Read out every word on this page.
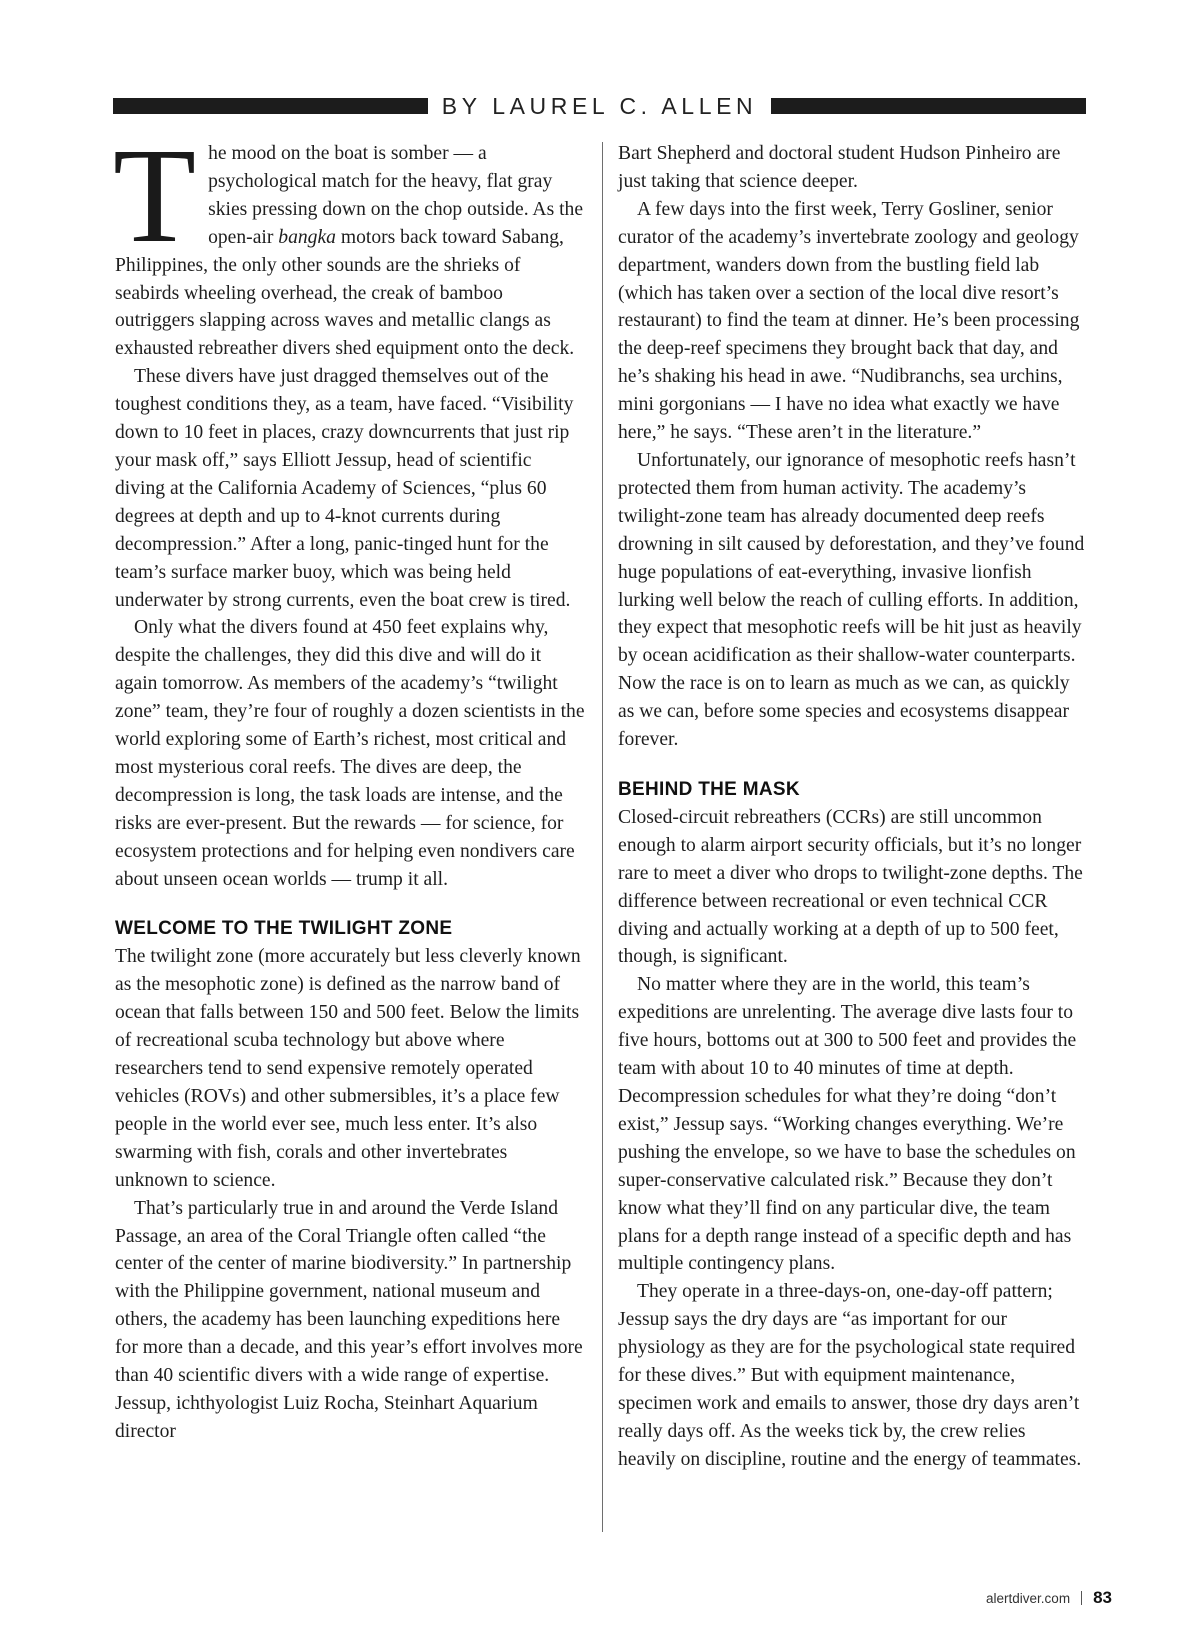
BY LAUREL C. ALLEN

The mood on the boat is somber — a psychological match for the heavy, flat gray skies pressing down on the chop outside. As the open-air bangka motors back toward Sabang, Philippines, the only other sounds are the shrieks of seabirds wheeling overhead, the creak of bamboo outriggers slapping across waves and metallic clangs as exhausted rebreather divers shed equipment onto the deck.

These divers have just dragged themselves out of the toughest conditions they, as a team, have faced. “Visibility down to 10 feet in places, crazy downcurrents that just rip your mask off,” says Elliott Jessup, head of scientific diving at the California Academy of Sciences, “plus 60 degrees at depth and up to 4-knot currents during decompression.” After a long, panic-tinged hunt for the team’s surface marker buoy, which was being held underwater by strong currents, even the boat crew is tired.

Only what the divers found at 450 feet explains why, despite the challenges, they did this dive and will do it again tomorrow. As members of the academy’s “twilight zone” team, they’re four of roughly a dozen scientists in the world exploring some of Earth’s richest, most critical and most mysterious coral reefs. The dives are deep, the decompression is long, the task loads are intense, and the risks are ever-present. But the rewards — for science, for ecosystem protections and for helping even nondivers care about unseen ocean worlds — trump it all.

WELCOME TO THE TWILIGHT ZONE

The twilight zone (more accurately but less cleverly known as the mesophotic zone) is defined as the narrow band of ocean that falls between 150 and 500 feet. Below the limits of recreational scuba technology but above where researchers tend to send expensive remotely operated vehicles (ROVs) and other submersibles, it’s a place few people in the world ever see, much less enter. It’s also swarming with fish, corals and other invertebrates unknown to science.

That’s particularly true in and around the Verde Island Passage, an area of the Coral Triangle often called “the center of the center of marine biodiversity.” In partnership with the Philippine government, national museum and others, the academy has been launching expeditions here for more than a decade, and this year’s effort involves more than 40 scientific divers with a wide range of expertise. Jessup, ichthyologist Luiz Rocha, Steinhart Aquarium director

Bart Shepherd and doctoral student Hudson Pinheiro are just taking that science deeper.

A few days into the first week, Terry Gosliner, senior curator of the academy’s invertebrate zoology and geology department, wanders down from the bustling field lab (which has taken over a section of the local dive resort’s restaurant) to find the team at dinner. He’s been processing the deep-reef specimens they brought back that day, and he’s shaking his head in awe. “Nudibranchs, sea urchins, mini gorgonians — I have no idea what exactly we have here,” he says. “These aren’t in the literature.”

Unfortunately, our ignorance of mesophotic reefs hasn’t protected them from human activity. The academy’s twilight-zone team has already documented deep reefs drowning in silt caused by deforestation, and they’ve found huge populations of eat-everything, invasive lionfish lurking well below the reach of culling efforts. In addition, they expect that mesophotic reefs will be hit just as heavily by ocean acidification as their shallow-water counterparts. Now the race is on to learn as much as we can, as quickly as we can, before some species and ecosystems disappear forever.

BEHIND THE MASK

Closed-circuit rebreathers (CCRs) are still uncommon enough to alarm airport security officials, but it’s no longer rare to meet a diver who drops to twilight-zone depths. The difference between recreational or even technical CCR diving and actually working at a depth of up to 500 feet, though, is significant.

No matter where they are in the world, this team’s expeditions are unrelenting. The average dive lasts four to five hours, bottoms out at 300 to 500 feet and provides the team with about 10 to 40 minutes of time at depth. Decompression schedules for what they’re doing “don’t exist,” Jessup says. “Working changes everything. We’re pushing the envelope, so we have to base the schedules on super-conservative calculated risk.” Because they don’t know what they’ll find on any particular dive, the team plans for a depth range instead of a specific depth and has multiple contingency plans.

They operate in a three-days-on, one-day-off pattern; Jessup says the dry days are “as important for our physiology as they are for the psychological state required for these dives.” But with equipment maintenance, specimen work and emails to answer, those dry days aren’t really days off. As the weeks tick by, the crew relies heavily on discipline, routine and the energy of teammates.

alertdiver.com 83
